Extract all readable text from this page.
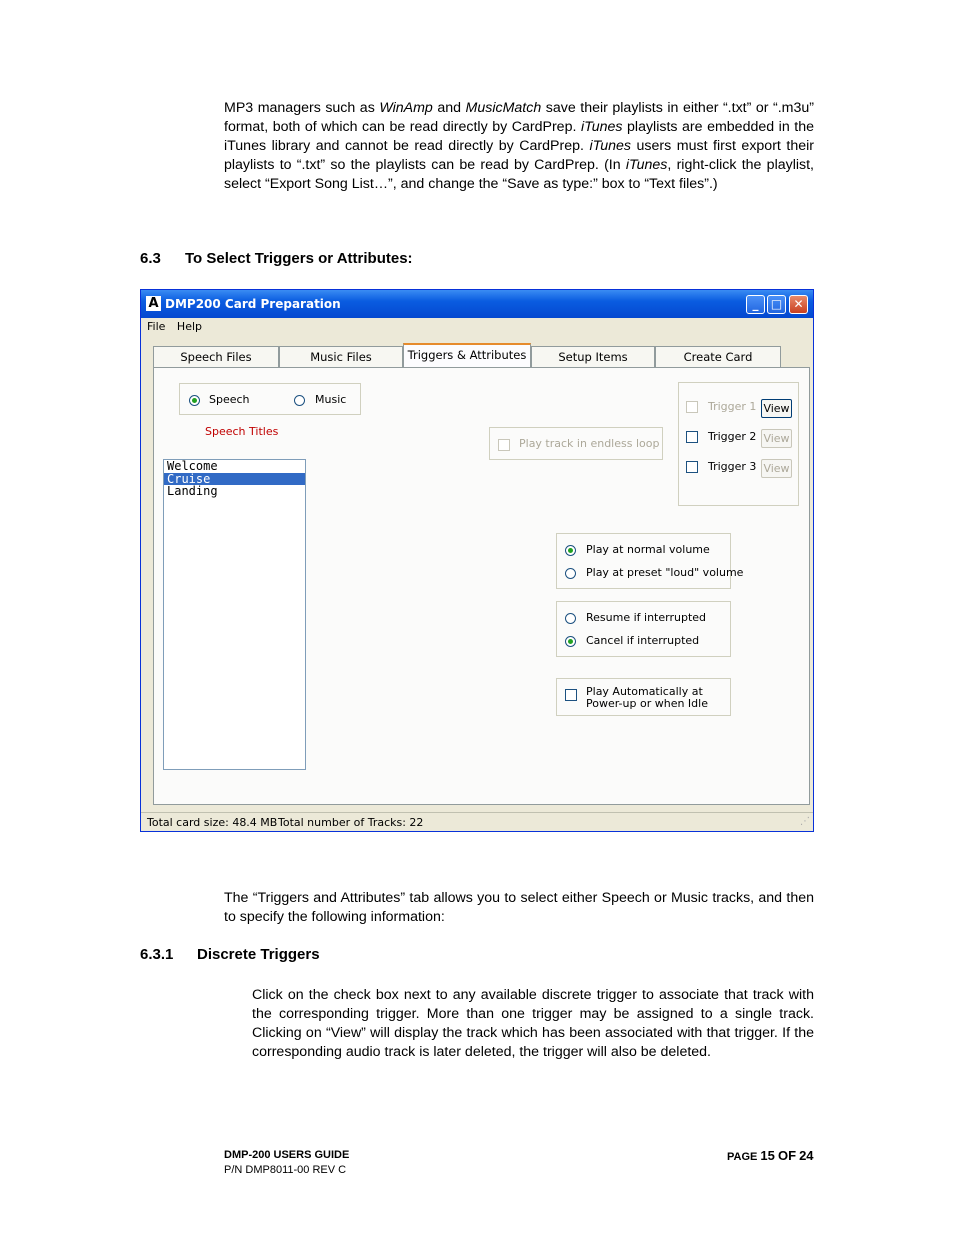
MP3 managers such as WinAmp and MusicMatch save their playlists in either “.txt” or “.m3u” format, both of which can be read directly by CardPrep. iTunes playlists are embedded in the iTunes library and cannot be read directly by CardPrep. iTunes users must first export their playlists to “.txt” so the playlists can be read by CardPrep. (In iTunes, right-click the playlist, select “Export Song List…”, and change the “Save as type:” box to “Text files”.)
6.3 To Select Triggers or Attributes:
A DMP200 Card Preparation	_	□ ✕
File Help
Speech Files	Music Files	Triggers & Attributes	Setup Items	Create Card
Speech	Music
Speech Titles
Play track in endless loop
Trigger 1 View
Trigger 2 View
Trigger 3 View
Play at normal volume
Play at preset "loud" volume
Resume if interrupted
Cancel if interrupted
Play Automatically at Power-up or when Idle
Welcome
Cruise
Landing
Total card size: 48.4 MB Total number of Tracks: 22	⋰
The “Triggers and Attributes” tab allows you to select either Speech or Music tracks, and then to specify the following information:
6.3.1 Discrete Triggers
Click on the check box next to any available discrete trigger to associate that track with the corresponding trigger. More than one trigger may be assigned to a single track. Clicking on “View” will display the track which has been associated with that trigger. If the corresponding audio track is later deleted, the trigger will also be deleted.
DMP-200 USERS GUIDE
P/N DMP8011-00 REV C
PAGE 15 OF 24
